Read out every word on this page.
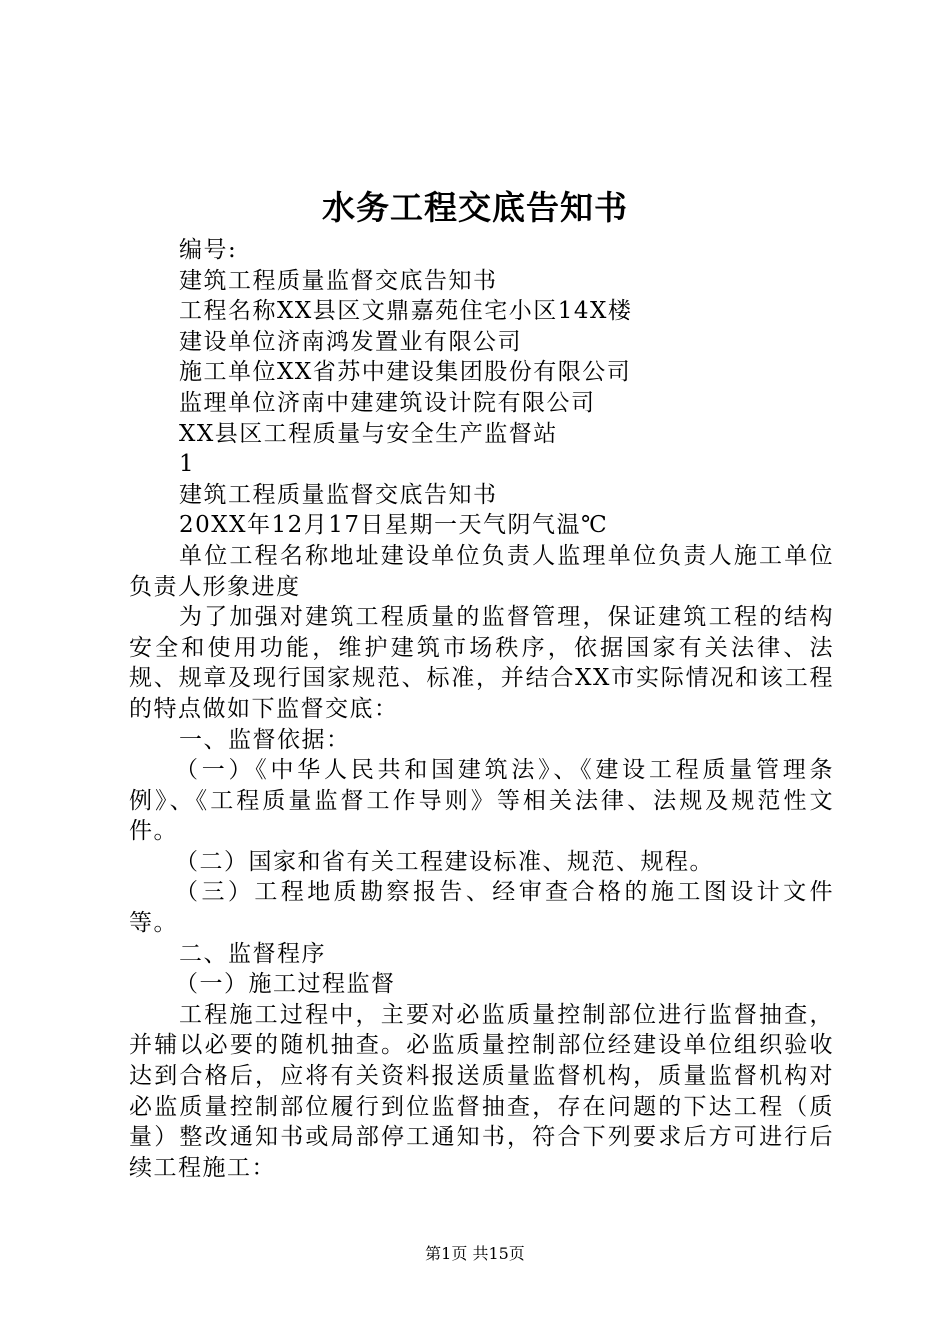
水务工程交底告知书

编号:

建筑工程质量监督交底告知书

工程名称XX县区文鼎嘉苑住宅小区14X楼

建设单位济南鸿发置业有限公司

施工单位XX省苏中建设集团股份有限公司

监理单位济南中建建筑设计院有限公司

XX县区工程质量与安全生产监督站

1

建筑工程质量监督交底告知书

20XX年12月17日星期一天气阴气温℃

单位工程名称地址建设单位负责人监理单位负责人施工单位负责人形象进度

为了加强对建筑工程质量的监督管理，保证建筑工程的结构安全和使用功能，维护建筑市场秩序，依据国家有关法律、法规、规章及现行国家规范、标准，并结合XX市实际情况和该工程的特点做如下监督交底：

一、监督依据：

（一）《中华人民共和国建筑法》、《建设工程质量管理条例》、《工程质量监督工作导则》等相关法律、法规及规范性文件。

（二）国家和省有关工程建设标准、规范、规程。

（三）工程地质勘察报告、经审查合格的施工图设计文件等。

二、监督程序

（一）施工过程监督

工程施工过程中，主要对必监质量控制部位进行监督抽查，并辅以必要的随机抽查。必监质量控制部位经建设单位组织验收达到合格后，应将有关资料报送质量监督机构，质量监督机构对必监质量控制部位履行到位监督抽查，存在问题的下达工程（质量）整改通知书或局部停工通知书，符合下列要求后方可进行后续工程施工：

第1页 共15页
